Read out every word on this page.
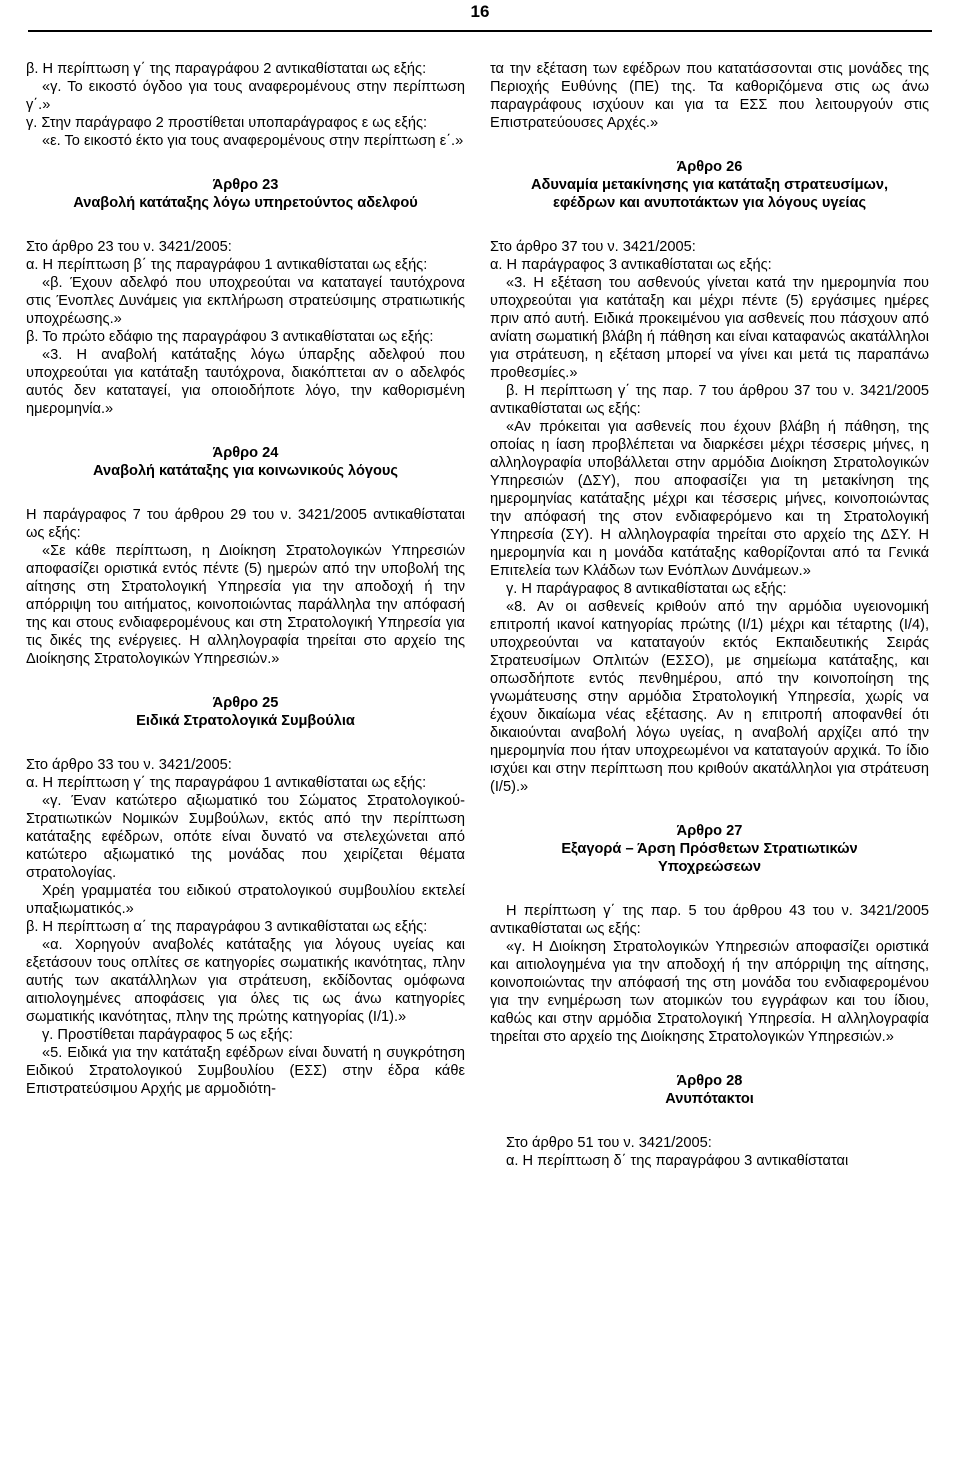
16

β. Η περίπτωση γ΄ της παραγράφου 2 αντικαθίσταται ως εξής:

«γ. Το εικοστό όγδοο για τους αναφερομένους στην περίπτωση γ΄.»

γ. Στην παράγραφο 2 προστίθεται υποπαράγραφος ε ως εξής:

«ε. Το εικοστό έκτο για τους αναφερομένους στην περίπτωση ε΄.»

Άρθρο 23
Αναβολή κατάταξης λόγω υπηρετούντος αδελφού

Στο άρθρο 23 του ν. 3421/2005:

α. Η περίπτωση β΄ της παραγράφου 1 αντικαθίσταται ως εξής:

«β. Έχουν αδελφό που υποχρεούται να καταταγεί ταυτόχρονα στις Ένοπλες Δυνάμεις για εκπλήρωση στρατεύσιμης στρατιωτικής υποχρέωσης.»

β. Το πρώτο εδάφιο της παραγράφου 3 αντικαθίσταται ως εξής:

«3. Η αναβολή κατάταξης λόγω ύπαρξης αδελφού που υποχρεούται για κατάταξη ταυτόχρονα, διακόπτεται αν ο αδελφός αυτός δεν καταταγεί, για οποιοδήποτε λόγο, την καθορισμένη ημερομηνία.»

Άρθρο 24
Αναβολή κατάταξης για κοινωνικούς λόγους

Η παράγραφος 7 του άρθρου 29 του ν. 3421/2005 αντικαθίσταται ως εξής:

«Σε κάθε περίπτωση, η Διοίκηση Στρατολογικών Υπηρεσιών αποφασίζει οριστικά εντός πέντε (5) ημερών από την υποβολή της αίτησης στη Στρατολογική Υπηρεσία για την αποδοχή ή την απόρριψη του αιτήματος, κοινοποιώντας παράλληλα την απόφασή της και στους ενδιαφερομένους και στη Στρατολογική Υπηρεσία για τις δικές της ενέργειες. Η αλληλογραφία τηρείται στο αρχείο της Διοίκησης Στρατολογικών Υπηρεσιών.»

Άρθρο 25
Ειδικά Στρατολογικά Συμβούλια

Στο άρθρο 33 του ν. 3421/2005:

α. Η περίπτωση γ΄ της παραγράφου 1 αντικαθίσταται ως εξής:

«γ. Έναν κατώτερο αξιωματικό του Σώματος Στρατολογικού-Στρατιωτικών Νομικών Συμβούλων, εκτός από την περίπτωση κατάταξης εφέδρων, οπότε είναι δυνατό να στελεχώνεται από κατώτερο αξιωματικό της μονάδας που χειρίζεται θέματα στρατολογίας.

Χρέη γραμματέα του ειδικού στρατολογικού συμβουλίου εκτελεί υπαξιωματικός.»

β. Η περίπτωση α΄ της παραγράφου 3 αντικαθίσταται ως εξής:

«α. Χορηγούν αναβολές κατάταξης για λόγους υγείας και εξετάσουν τους οπλίτες σε κατηγορίες σωματικής ικανότητας, πλην αυτής των ακατάλληλων για στράτευση, εκδίδοντας ομόφωνα αιτιολογημένες αποφάσεις για όλες τις ως άνω κατηγορίες σωματικής ικανότητας, πλην της πρώτης κατηγορίας (Ι/1).»

γ. Προστίθεται παράγραφος 5 ως εξής:

«5. Ειδικά για την κατάταξη εφέδρων είναι δυνατή η συγκρότηση Ειδικού Στρατολογικού Συμβουλίου (ΕΣΣ) στην έδρα κάθε Επιστρατεύσιμου Αρχής με αρμοδιότη-

τα την εξέταση των εφέδρων που κατατάσσονται στις μονάδες της Περιοχής Ευθύνης (ΠΕ) της. Τα καθοριζόμενα στις ως άνω παραγράφους ισχύουν και για τα ΕΣΣ που λειτουργούν στις Επιστρατεύουσες Αρχές.»

Άρθρο 26
Αδυναμία μετακίνησης για κατάταξη στρατευσίμων,
εφέδρων και ανυποτάκτων για λόγους υγείας

Στο άρθρο 37 του ν. 3421/2005:

α. Η παράγραφος 3 αντικαθίσταται ως εξής:

«3. Η εξέταση του ασθενούς γίνεται κατά την ημερομηνία που υποχρεούται για κατάταξη και μέχρι πέντε (5) εργάσιμες ημέρες πριν από αυτή. Ειδικά προκειμένου για ασθενείς που πάσχουν από ανίατη σωματική βλάβη ή πάθηση και είναι καταφανώς ακατάλληλοι για στράτευση, η εξέταση μπορεί να γίνει και μετά τις παραπάνω προθεσμίες.»

β. Η περίπτωση γ΄ της παρ. 7 του άρθρου 37 του ν. 3421/2005 αντικαθίσταται ως εξής:

«Αν πρόκειται για ασθενείς που έχουν βλάβη ή πάθηση, της οποίας η ίαση προβλέπεται να διαρκέσει μέχρι τέσσερις μήνες, η αλληλογραφία υποβάλλεται στην αρμόδια Διοίκηση Στρατολογικών Υπηρεσιών (ΔΣΥ), που αποφασίζει για τη μετακίνηση της ημερομηνίας κατάταξης μέχρι και τέσσερις μήνες, κοινοποιώντας την απόφασή της στον ενδιαφερόμενο και τη Στρατολογική Υπηρεσία (ΣΥ). Η αλληλογραφία τηρείται στο αρχείο της ΔΣΥ. Η ημερομηνία και η μονάδα κατάταξης καθορίζονται από τα Γενικά Επιτελεία των Κλάδων των Ενόπλων Δυνάμεων.»

γ. Η παράγραφος 8 αντικαθίσταται ως εξής:

«8. Αν οι ασθενείς κριθούν από την αρμόδια υγειονομική επιτροπή ικανοί κατηγορίας πρώτης (Ι/1) μέχρι και τέταρτης (Ι/4), υποχρεούνται να καταταγούν εκτός Εκπαιδευτικής Σειράς Στρατευσίμων Οπλιτών (ΕΣΣΟ), με σημείωμα κατάταξης, και οπωσδήποτε εντός πενθημέρου, από την κοινοποίηση της γνωμάτευσης στην αρμόδια Στρατολογική Υπηρεσία, χωρίς να έχουν δικαίωμα νέας εξέτασης. Αν η επιτροπή αποφανθεί ότι δικαιούνται αναβολή λόγω υγείας, η αναβολή αρχίζει από την ημερομηνία που ήταν υποχρεωμένοι να καταταγούν αρχικά. Το ίδιο ισχύει και στην περίπτωση που κριθούν ακατάλληλοι για στράτευση (Ι/5).»

Άρθρο 27
Εξαγορά – Άρση Πρόσθετων Στρατιωτικών
Υποχρεώσεων

Η περίπτωση γ΄ της παρ. 5 του άρθρου 43 του ν. 3421/2005 αντικαθίσταται ως εξής:

«γ. Η Διοίκηση Στρατολογικών Υπηρεσιών αποφασίζει οριστικά και αιτιολογημένα για την αποδοχή ή την απόρριψη της αίτησης, κοινοποιώντας την απόφασή της στη μονάδα του ενδιαφερομένου για την ενημέρωση των ατομικών του εγγράφων και του ίδιου, καθώς και στην αρμόδια Στρατολογική Υπηρεσία. Η αλληλογραφία τηρείται στο αρχείο της Διοίκησης Στρατολογικών Υπηρεσιών.»

Άρθρο 28
Ανυπότακτοι

Στο άρθρο 51 του ν. 3421/2005:

α. Η περίπτωση δ΄ της παραγράφου 3 αντικαθίσταται
